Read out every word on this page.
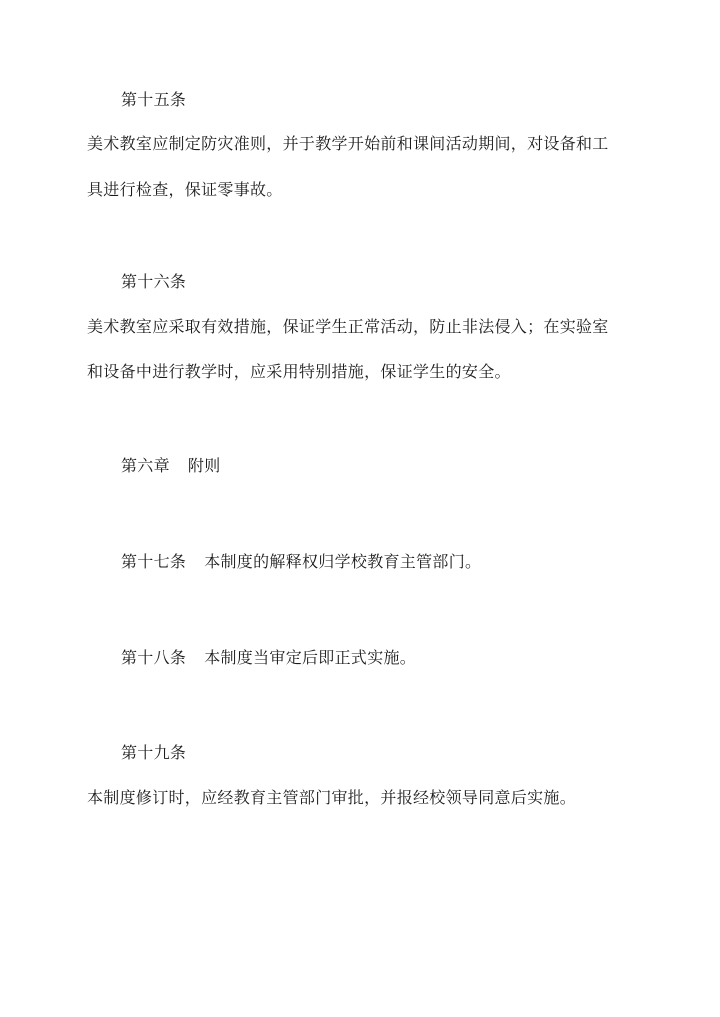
第十五条
美术教室应制定防灾准则，并于教学开始前和课间活动期间，对设备和工
具进行检查，保证零事故。
第十六条
美术教室应采取有效措施，保证学生正常活动，防止非法侵入；在实验室
和设备中进行教学时，应采用特别措施，保证学生的安全。
第六章 附则
第十七条 本制度的解释权归学校教育主管部门。
第十八条 本制度当审定后即正式实施。
第十九条
本制度修订时，应经教育主管部门审批，并报经校领导同意后实施。
